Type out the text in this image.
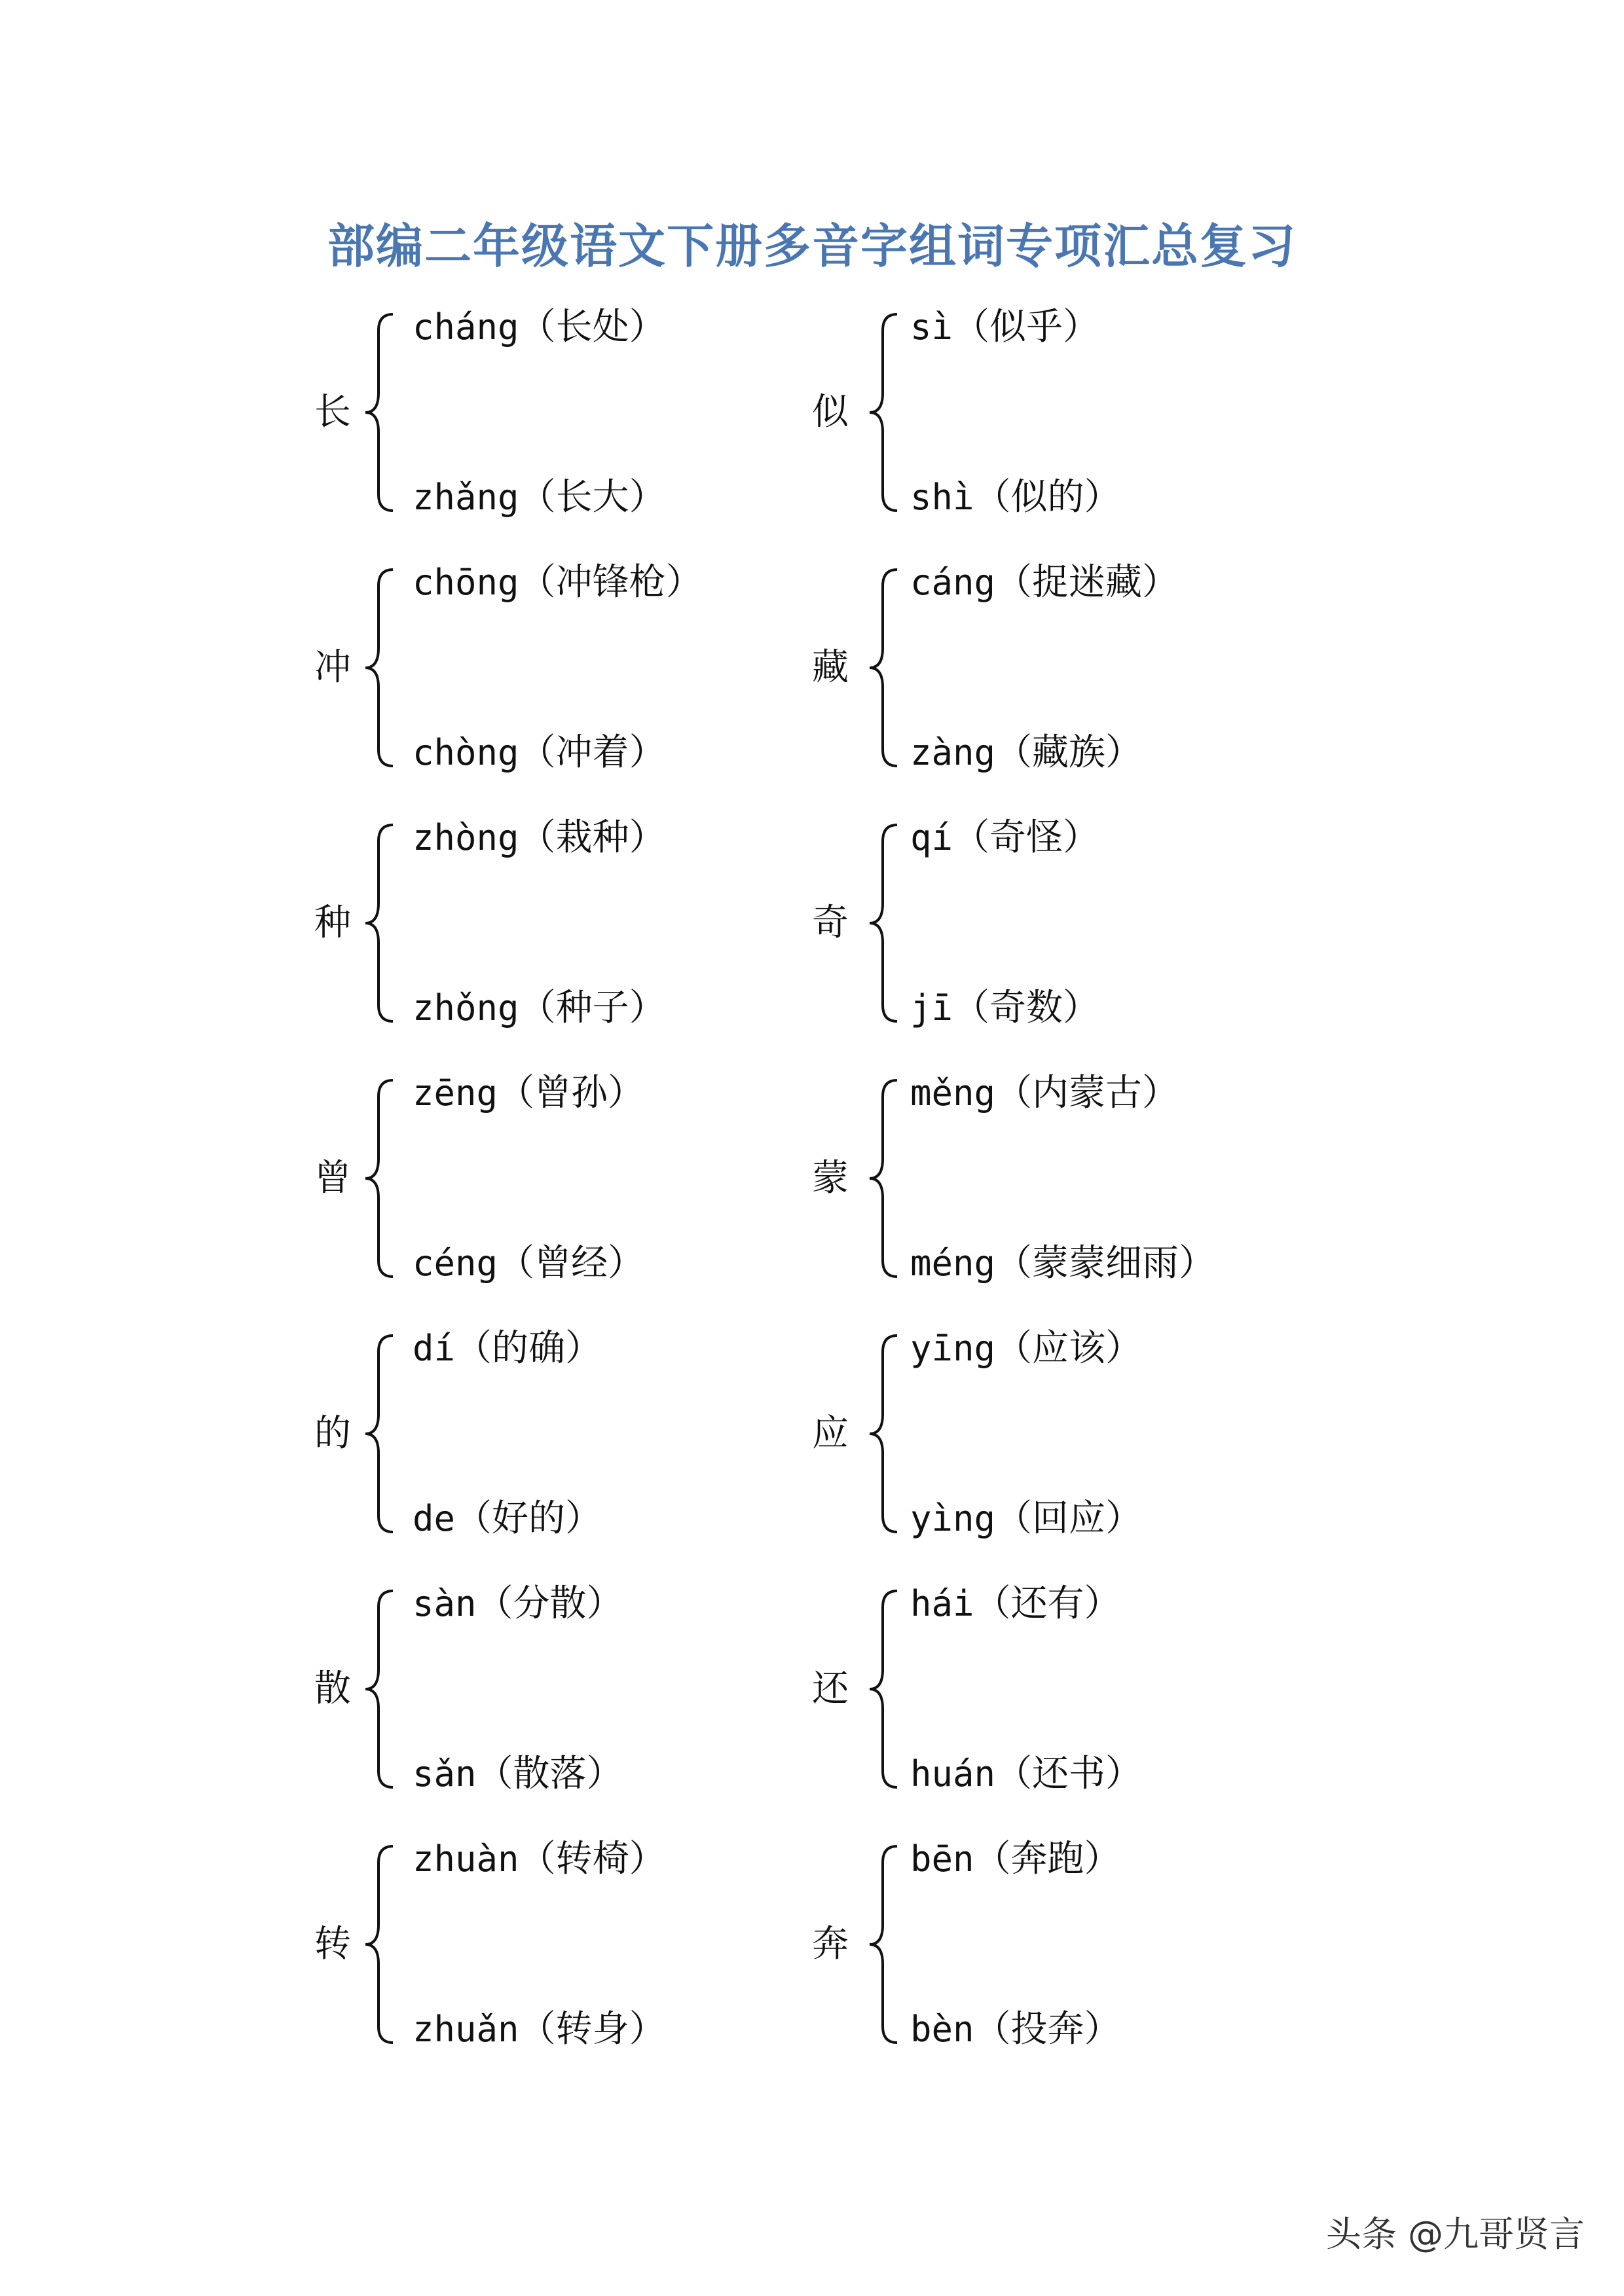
部编二年级语文下册多音字组词专项汇总复习
长
cháng（长处）
zhǎng（长大）
冲
chōng（冲锋枪）
chòng（冲着）
种
zhòng（栽种）
zhǒng（种子）
曾
zēng（曾孙）
céng（曾经）
的
dí（的确）
de（好的）
散
sàn（分散）
sǎn（散落）
转
zhuàn（转椅）
zhuǎn（转身）
似
sì（似乎）
shì（似的）
藏
cáng（捉迷藏）
zàng（藏族）
奇
qí（奇怪）
jī（奇数）
蒙
měng（内蒙古）
méng（蒙蒙细雨）
应
yīng（应该）
yìng（回应）
还
hái（还有）
huán（还书）
奔
bēn（奔跑）
bèn（投奔）
头条 @九哥贤言
